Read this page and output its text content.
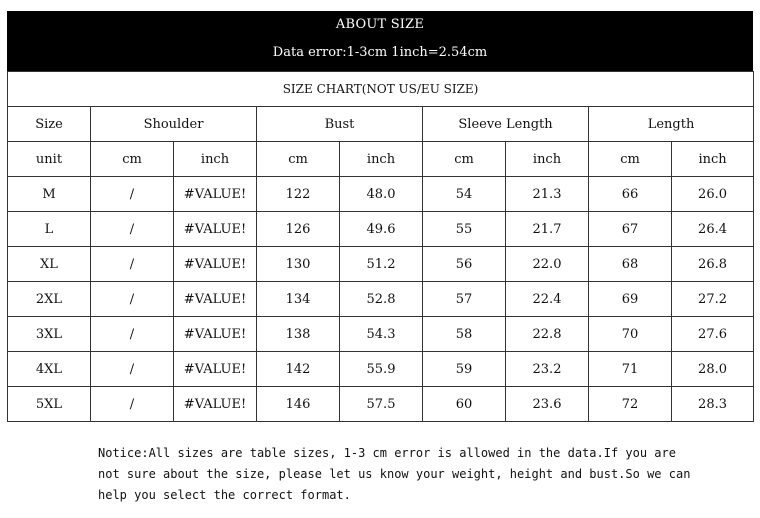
ABOUT SIZE
Data error:1-3cm 1inch=2.54cm
SIZE CHART(NOT US/EU SIZE)								
Size	Shoulder		Bust		Sleeve Length		Length	
unit	cm	inch	cm	inch	cm	inch	cm	inch
M	/	#VALUE!	122	48.0	54	21.3	66	26.0
L	/	#VALUE!	126	49.6	55	21.7	67	26.4
XL	/	#VALUE!	130	51.2	56	22.0	68	26.8
2XL	/	#VALUE!	134	52.8	57	22.4	69	27.2
3XL	/	#VALUE!	138	54.3	58	22.8	70	27.6
4XL	/	#VALUE!	142	55.9	59	23.2	71	28.0
5XL	/	#VALUE!	146	57.5	60	23.6	72	28.3
Notice:All sizes are table sizes, 1-3 cm error is allowed in the data.If you are
not sure about the size, please let us know your weight, height and bust.So we can
help you select the correct format.
